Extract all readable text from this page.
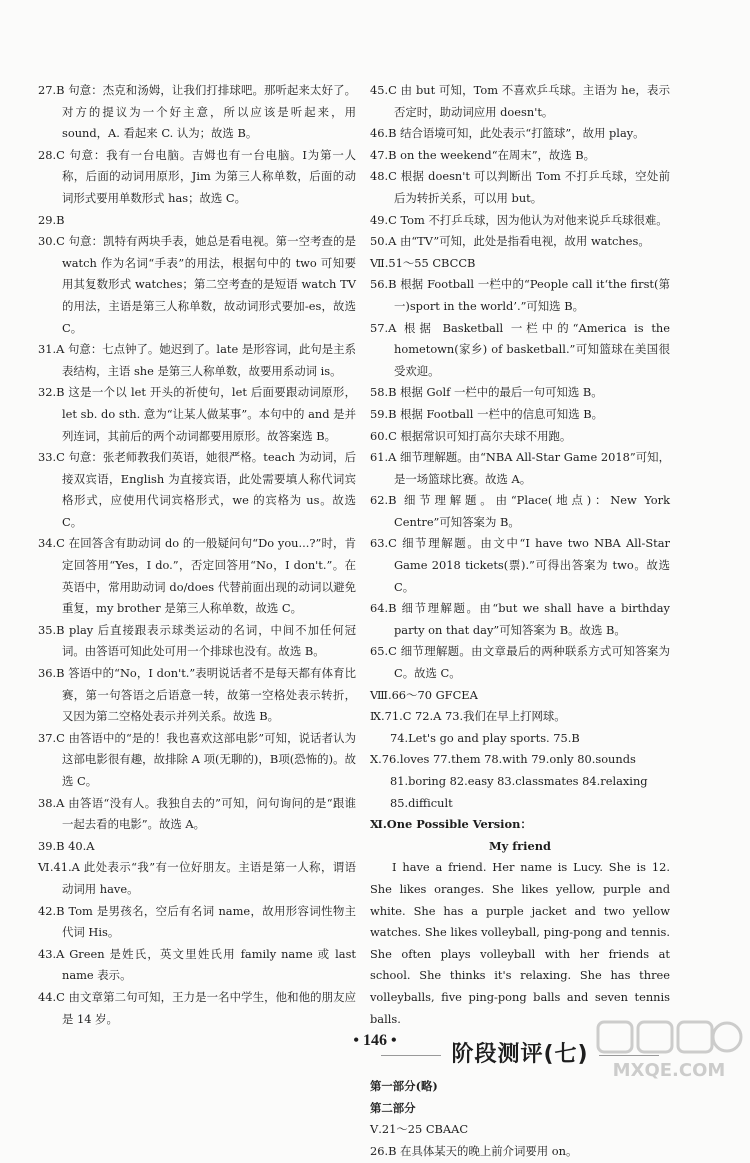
27.B 句意：杰克和汤姆，让我们打排球吧。那听起来太好了。对方的提议为一个好主意，所以应该是听起来，用 sound，A. 看起来 C. 认为；故选 B。

28.C 句意：我有一台电脑。吉姆也有一台电脑。I为第一人称，后面的动词用原形，Jim 为第三人称单数，后面的动词形式要用单数形式 has；故选 C。

29.B

30.C 句意：凯特有两块手表，她总是看电视。第一空考查的是 watch 作为名词“手表”的用法，根据句中的 two 可知要用其复数形式 watches；第二空考查的是短语 watch TV 的用法，主语是第三人称单数，故动词形式要加-es，故选 C。

31.A 句意：七点钟了。她迟到了。late 是形容词，此句是主系表结构，主语 she 是第三人称单数，故要用系动词 is。

32.B 这是一个以 let 开头的祈使句，let 后面要跟动词原形，let sb. do sth. 意为“让某人做某事”。本句中的 and 是并列连词，其前后的两个动词都要用原形。故答案选 B。

33.C 句意：张老师教我们英语，她很严格。teach 为动词，后接双宾语，English 为直接宾语，此处需要填人称代词宾格形式，应使用代词宾格形式，we 的宾格为 us。故选 C。

34.C 在回答含有助动词 do 的一般疑问句“Do you...?”时，肯定回答用“Yes，I do.”，否定回答用“No，I don't.”。在英语中，常用助动词 do/does 代替前面出现的动词以避免重复，my brother 是第三人称单数，故选 C。

35.B play 后直接跟表示球类运动的名词，中间不加任何冠词。由答语可知此处可用一个排球也没有。故选 B。

36.B 答语中的“No，I don't.”表明说话者不是每天都有体育比赛，第一句答语之后语意一转，故第一空格处表示转折，又因为第二空格处表示并列关系。故选 B。

37.C 由答语中的“是的！我也喜欢这部电影”可知，说话者认为这部电影很有趣，故排除 A 项(无聊的)，B项(恐怖的)。故选 C。

38.A 由答语“没有人。我独自去的”可知，问句询问的是“跟谁一起去看的电影”。故选 A。

39.B 40.A

Ⅵ.41.A 此处表示“我”有一位好朋友。主语是第一人称，谓语动词用 have。

42.B Tom 是男孩名，空后有名词 name，故用形容词性物主代词 His。

43.A Green 是姓氏，英文里姓氏用 family name 或 last name 表示。

44.C 由文章第二句可知，王力是一名中学生，他和他的朋友应是 14 岁。

45.C 由 but 可知，Tom 不喜欢乒乓球。主语为 he，表示否定时，助动词应用 doesn't。

46.B 结合语境可知，此处表示“打篮球”，故用 play。

47.B on the weekend“在周末”，故选 B。

48.C 根据 doesn't 可以判断出 Tom 不打乒乓球，空处前后为转折关系，可以用 but。

49.C Tom 不打乒乓球，因为他认为对他来说乒乓球很难。

50.A 由“TV”可知，此处是指看电视，故用 watches。

Ⅶ.51～55 CBCCB

56.B 根据 Football 一栏中的“People call it‘the first(第一)sport in the world’.”可知选 B。

57.A 根据 Basketball 一栏中的“America is the hometown(家乡) of basketball.”可知篮球在美国很受欢迎。

58.B 根据 Golf 一栏中的最后一句可知选 B。

59.B 根据 Football 一栏中的信息可知选 B。

60.C 根据常识可知打高尔夫球不用跑。

61.A 细节理解题。由“NBA All-Star Game 2018”可知，是一场篮球比赛。故选 A。

62.B 细节理解题。由“Place(地点)：New York Centre”可知答案为 B。

63.C 细节理解题。由文中“I have two NBA All-Star Game 2018 tickets(票).”可得出答案为 two。故选 C。

64.B 细节理解题。由“but we shall have a birthday party on that day”可知答案为 B。故选 B。

65.C 细节理解题。由文章最后的两种联系方式可知答案为 C。故选 C。

Ⅷ.66～70 GFCEA

Ⅸ.71.C 72.A 73.我们在早上打网球。

74.Let's go and play sports. 75.B

Ⅹ.76.loves 77.them 78.with 79.only 80.sounds

81.boring 82.easy 83.classmates 84.relaxing

85.difficult

Ⅺ.One Possible Version：

My friend

I have a friend. Her name is Lucy. She is 12. She likes oranges. She likes yellow, purple and white. She has a purple jacket and two yellow watches. She likes volleyball, ping-pong and tennis. She often plays volleyball with her friends at school. She thinks it's relaxing. She has three volleyballs, five ping-pong balls and seven tennis balls.

阶段测评(七)

第一部分(略)

第二部分

Ⅴ.21～25 CBAAC

26.B 在具体某天的晚上前介词要用 on。

• 146 •
MXQE.COM
